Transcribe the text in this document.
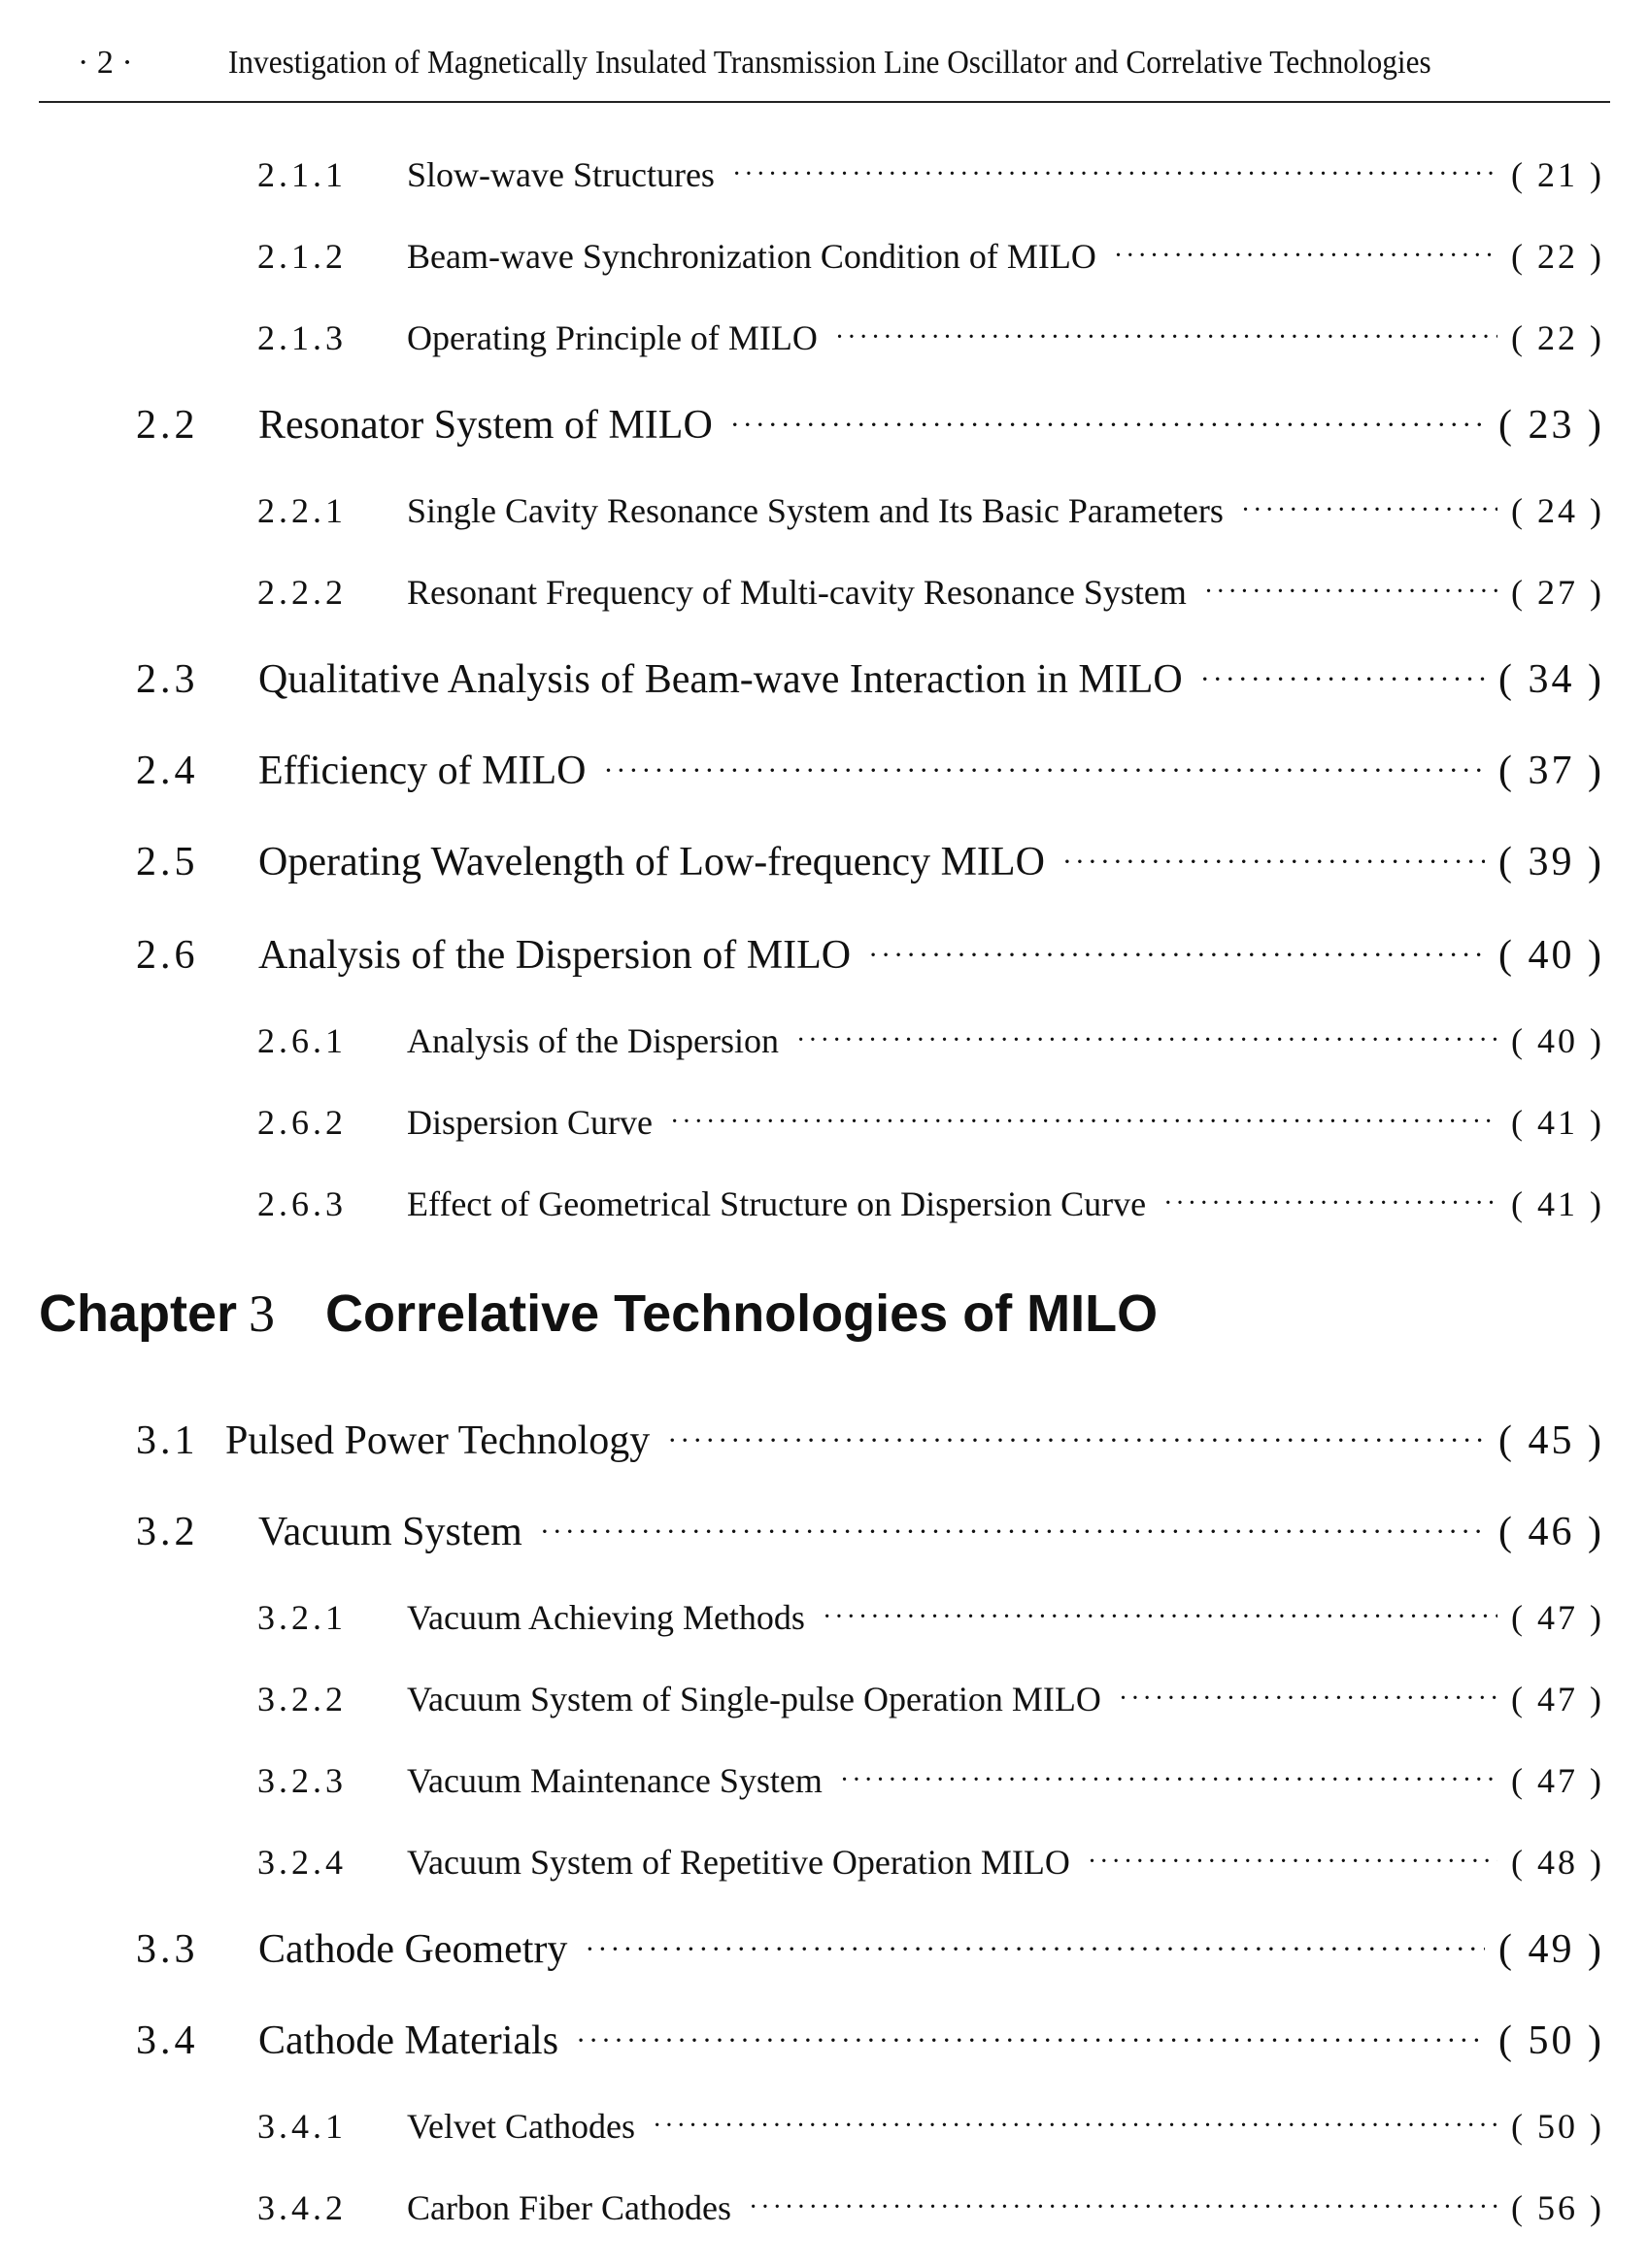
· 2 ·	Investigation of Magnetically Insulated Transmission Line Oscillator and Correlative Technologies
2.1.1	Slow-wave Structures ·····	( 21 )
2.1.2	Beam-wave Synchronization Condition of MILO ·····	( 22 )
2.1.3	Operating Principle of MILO ·····	( 22 )
2.2	Resonator System of MILO ·····	( 23 )
2.2.1	Single Cavity Resonance System and Its Basic Parameters ·····	( 24 )
2.2.2	Resonant Frequency of Multi-cavity Resonance System ·····	( 27 )
2.3	Qualitative Analysis of Beam-wave Interaction in MILO ·····	( 34 )
2.4	Efficiency of MILO ·····	( 37 )
2.5	Operating Wavelength of Low-frequency MILO ·····	( 39 )
2.6	Analysis of the Dispersion of MILO ·····	( 40 )
2.6.1	Analysis of the Dispersion ·····	( 40 )
2.6.2	Dispersion Curve ·····	( 41 )
2.6.3	Effect of Geometrical Structure on Dispersion Curve ·····	( 41 )
Chapter 3 Correlative Technologies of MILO
3.1 Pulsed Power Technology ·····	( 45 )
3.2	Vacuum System ·····	( 46 )
3.2.1	Vacuum Achieving Methods ·····	( 47 )
3.2.2	Vacuum System of Single-pulse Operation MILO ·····	( 47 )
3.2.3	Vacuum Maintenance System ·····	( 47 )
3.2.4	Vacuum System of Repetitive Operation MILO ·····	( 48 )
3.3	Cathode Geometry ·····	( 49 )
3.4	Cathode Materials ·····	( 50 )
3.4.1	Velvet Cathodes ·····	( 50 )
3.4.2	Carbon Fiber Cathodes ·····	( 56 )
